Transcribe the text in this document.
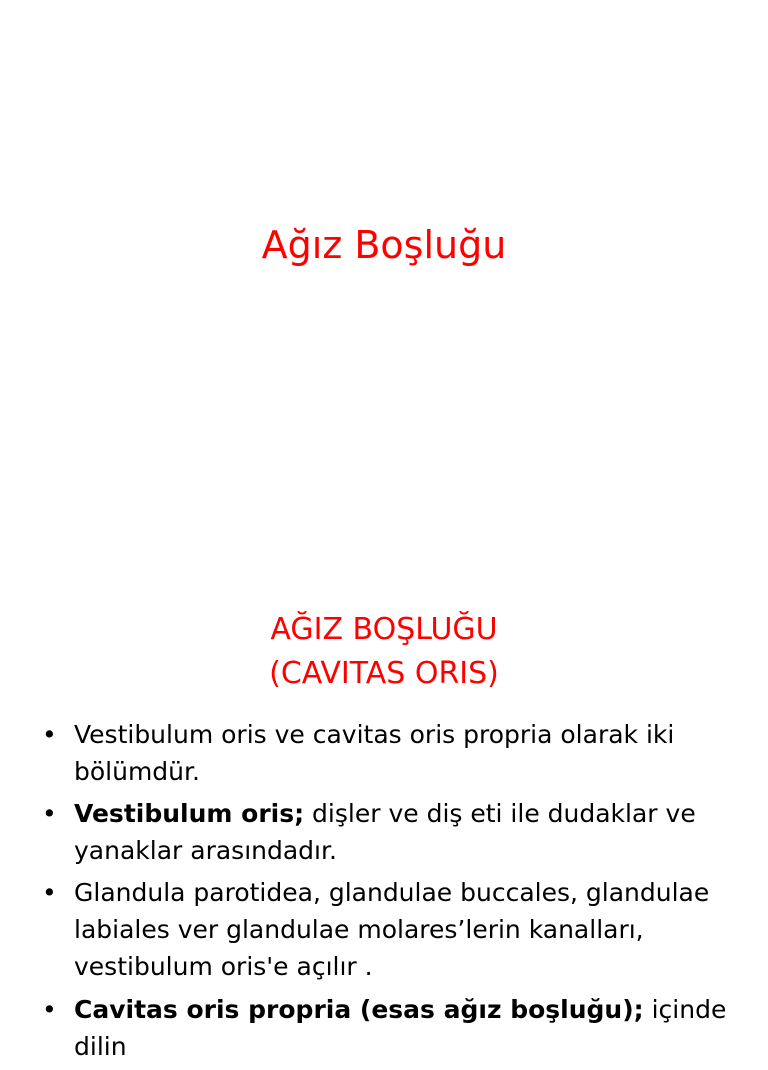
Ağız Boşluğu
AĞIZ BOŞLUĞU
(CAVITAS ORIS)
• Vestibulum oris ve cavitas oris propria olarak iki bölümdür.
• Vestibulum oris; dişler ve diş eti ile dudaklar ve yanaklar arasındadır.
• Glandula parotidea, glandulae buccales, glandulae labiales ver glandulae molares’lerin kanalları, vestibulum oris'e açılır .
• Cavitas oris propria (esas ağız boşluğu); içinde dilin
